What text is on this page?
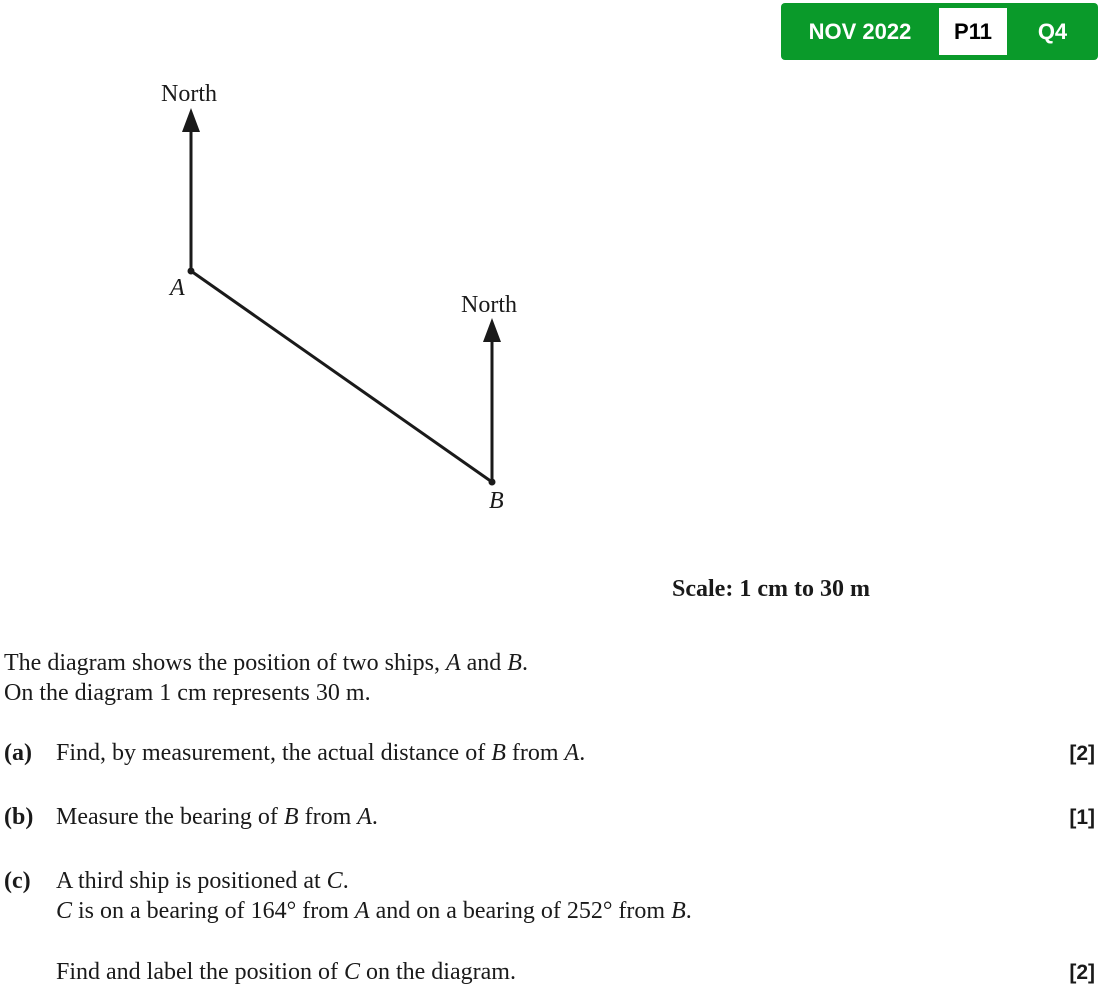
NOV 2022	P11	Q4
North
A
North
B
Scale: 1 cm to 30 m
The diagram shows the position of two ships, A and B.
On the diagram 1 cm represents 30 m.
(a) Find, by measurement, the actual distance of B from A.	[2]
(b) Measure the bearing of B from A.	[1]
(c) A third ship is positioned at C.
C is on a bearing of 164° from A and on a bearing of 252° from B.
Find and label the position of C on the diagram.	[2]
